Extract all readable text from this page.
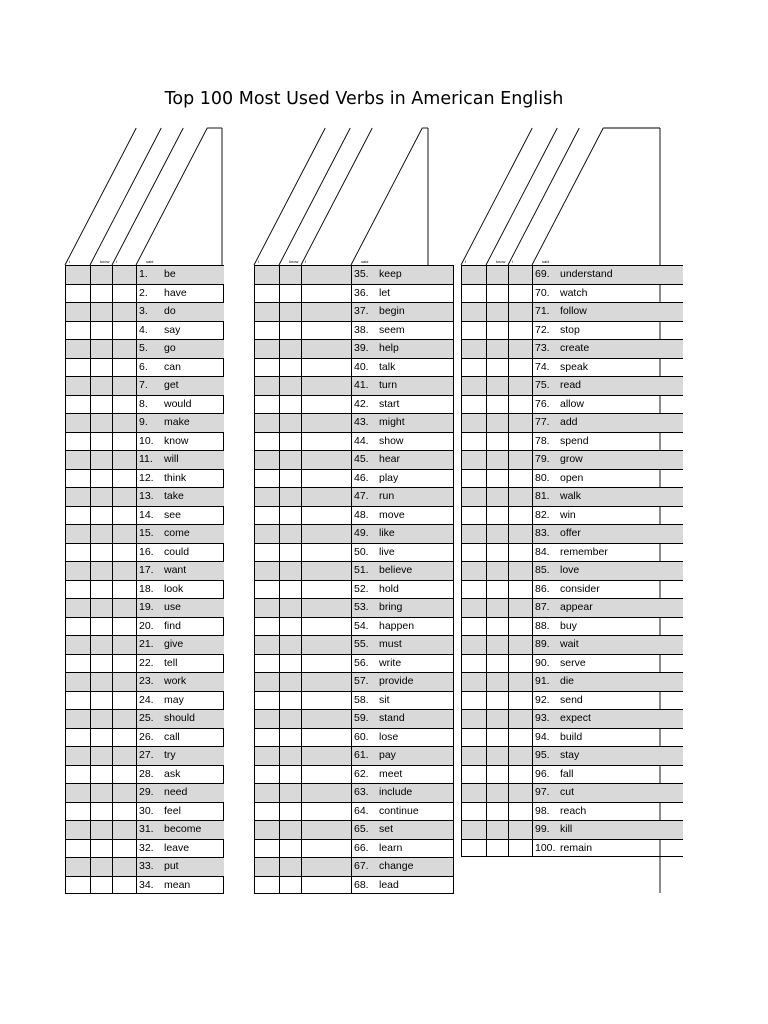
Top 100 Most Used Verbs in American English
I	know I	said	I	know I	said	I	know I	said
1. be
2. have
3. do
4. say
5. go
6. can
7. get
8. would
9. make
10. know
11. will
12. think
13. take
14. see
15. come
16. could
17. want
18. look
19. use
20. find
21. give
22. tell
23. work
24. may
25. should
26. call
27. try
28. ask
29. need
30. feel
31. become
32. leave
33. put
34. mean
35. keep
36. let
37. begin
38. seem
39. help
40. talk
41. turn
42. start
43. might
44. show
45. hear
46. play
47. run
48. move
49. like
50. live
51. believe
52. hold
53. bring
54. happen
55. must
56. write
57. provide
58. sit
59. stand
60. lose
61. pay
62. meet
63. include
64. continue
65. set
66. learn
67. change
68. lead
69. understand
70. watch
71. follow
72. stop
73. create
74. speak
75. read
76. allow
77. add
78. spend
79. grow
80. open
81. walk
82. win
83. offer
84. remember
85. love
86. consider
87. appear
88. buy
89. wait
90. serve
91. die
92. send
93. expect
94. build
95. stay
96. fall
97. cut
98. reach
99. kill
100. remain
